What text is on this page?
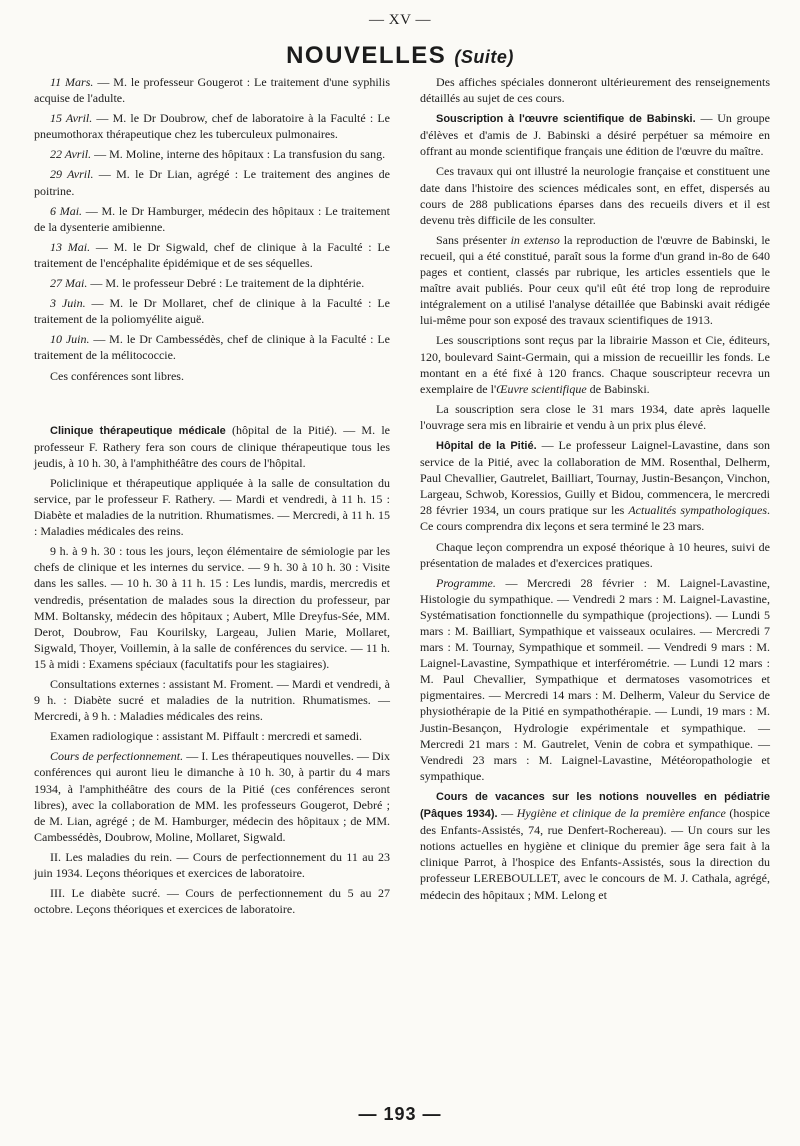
— XV —
NOUVELLES (Suite)

11 Mars. — M. le professeur Gougerot : Le traitement d'une syphilis acquise de l'adulte.

15 Avril. — M. le Dr Doubrow, chef de laboratoire à la Faculté : Le pneumothorax thérapeutique chez les tuberculeux pulmonaires.

22 Avril. — M. Moline, interne des hôpitaux : La transfusion du sang.

29 Avril. — M. le Dr Lian, agrégé : Le traitement des angines de poitrine.

6 Mai. — M. le Dr Hamburger, médecin des hôpitaux : Le traitement de la dysenterie amibienne.

13 Mai. — M. le Dr Sigwald, chef de clinique à la Faculté : Le traitement de l'encéphalite épidémique et de ses séquelles.

27 Mai. — M. le professeur Debré : Le traitement de la diphtérie.

3 Juin. — M. le Dr Mollaret, chef de clinique à la Faculté : Le traitement de la poliomyélite aiguë.

10 Juin. — M. le Dr Cambessédès, chef de clinique à la Faculté : Le traitement de la mélitococcie.

Ces conférences sont libres.

Clinique thérapeutique médicale (hôpital de la Pitié). — M. le professeur F. Rathery fera son cours de clinique thérapeutique tous les jeudis, à 10 h. 30, à l'amphithéâtre des cours de l'hôpital.

Policlinique et thérapeutique appliquée à la salle de consultation du service, par le professeur F. Rathery. — Mardi et vendredi, à 11 h. 15 : Diabète et maladies de la nutrition. Rhumatismes. — Mercredi, à 11 h. 15 : Maladies médicales des reins.

9 h. à 9 h. 30 : tous les jours, leçon élémentaire de sémiologie par les chefs de clinique et les internes du service. — 9 h. 30 à 10 h. 30 : Visite dans les salles. — 10 h. 30 à 11 h. 15 : Les lundis, mardis, mercredis et vendredis, présentation de malades sous la direction du professeur, par MM. Boltansky, médecin des hôpitaux ; Aubert, Mlle Dreyfus-Sée, MM. Derot, Doubrow, Fau Kourilsky, Largeau, Julien Marie, Mollaret, Sigwald, Thoyer, Voillemin, à la salle de conférences du service. — 11 h. 15 à midi : Examens spéciaux (facultatifs pour les stagiaires).

Consultations externes : assistant M. Froment. — Mardi et vendredi, à 9 h. : Diabète sucré et maladies de la nutrition. Rhumatismes. — Mercredi, à 9 h. : Maladies médicales des reins.

Examen radiologique : assistant M. Piffault : mercredi et samedi.

Cours de perfectionnement. — I. Les thérapeutiques nouvelles. — Dix conférences qui auront lieu le dimanche à 10 h. 30, à partir du 4 mars 1934, à l'amphithéâtre des cours de la Pitié (ces conférences seront libres), avec la collaboration de MM. les professeurs Gougerot, Debré ; de M. Lian, agrégé ; de M. Hamburger, médecin des hôpitaux ; de MM. Cambessédès, Doubrow, Moline, Mollaret, Sigwald.

II. Les maladies du rein. — Cours de perfectionnement du 11 au 23 juin 1934. Leçons théoriques et exercices de laboratoire.

III. Le diabète sucré. — Cours de perfectionnement du 5 au 27 octobre. Leçons théoriques et exercices de laboratoire.

Des affiches spéciales donneront ultérieurement des renseignements détaillés au sujet de ces cours.

Souscription à l'œuvre scientifique de Babinski. — Un groupe d'élèves et d'amis de J. Babinski a désiré perpétuer sa mémoire en offrant au monde scientifique français une édition de l'œuvre du maître.

Ces travaux qui ont illustré la neurologie française et constituent une date dans l'histoire des sciences médicales sont, en effet, dispersés au cours de 288 publications éparses dans des recueils divers et il est devenu très difficile de les consulter.

Sans présenter in extenso la reproduction de l'œuvre de Babinski, le recueil, qui a été constitué, paraît sous la forme d'un grand in-8o de 640 pages et contient, classés par rubrique, les articles essentiels que le maître avait publiés. Pour ceux qu'il eût été trop long de reproduire intégralement on a utilisé l'analyse détaillée que Babinski avait rédigée lui-même pour son exposé des travaux scientifiques de 1913.

Les souscriptions sont reçus par la librairie Masson et Cie, éditeurs, 120, boulevard Saint-Germain, qui a mission de recueillir les fonds. Le montant en a été fixé à 120 francs. Chaque souscripteur recevra un exemplaire de l'Œuvre scientifique de Babinski.

La souscription sera close le 31 mars 1934, date après laquelle l'ouvrage sera mis en librairie et vendu à un prix plus élevé.

Hôpital de la Pitié. — Le professeur Laignel-Lavastine, dans son service de la Pitié, avec la collaboration de MM. Rosenthal, Delherm, Paul Chevallier, Gautrelet, Bailliart, Tournay, Justin-Besançon, Vinchon, Largeau, Schwob, Koressios, Guilly et Bidou, commencera, le mercredi 28 février 1934, un cours pratique sur les Actualités sympathologiques. Ce cours comprendra dix leçons et sera terminé le 23 mars.

Chaque leçon comprendra un exposé théorique à 10 heures, suivi de présentation de malades et d'exercices pratiques.

Programme. — Mercredi 28 février : M. Laignel-Lavastine, Histologie du sympathique. — Vendredi 2 mars : M. Laignel-Lavastine, Systématisation fonctionnelle du sympathique (projections). — Lundi 5 mars : M. Bailliart, Sympathique et vaisseaux oculaires. — Mercredi 7 mars : M. Tournay, Sympathique et sommeil. — Vendredi 9 mars : M. Laignel-Lavastine, Sympathique et interférométrie. — Lundi 12 mars : M. Paul Chevallier, Sympathique et dermatoses vasomotrices et pigmentaires. — Mercredi 14 mars : M. Delherm, Valeur du Service de physiothérapie de la Pitié en sympathothérapie. — Lundi, 19 mars : M. Justin-Besançon, Hydrologie expérimentale et sympathique. — Mercredi 21 mars : M. Gautrelet, Venin de cobra et sympathique. — Vendredi 23 mars : M. Laignel-Lavastine, Météoropathologie et sympathique.

Cours de vacances sur les notions nouvelles en pédiatrie (Pâques 1934). — Hygiène et clinique de la première enfance (hospice des Enfants-Assistés, 74, rue Denfert-Rochereau). — Un cours sur les notions actuelles en hygiène et clinique du premier âge sera fait à la clinique Parrot, à l'hospice des Enfants-Assistés, sous la direction du professeur LEREBOULLET, avec le concours de M. J. Cathala, agrégé, médecin des hôpitaux ; MM. Lelong et

— 193 —
